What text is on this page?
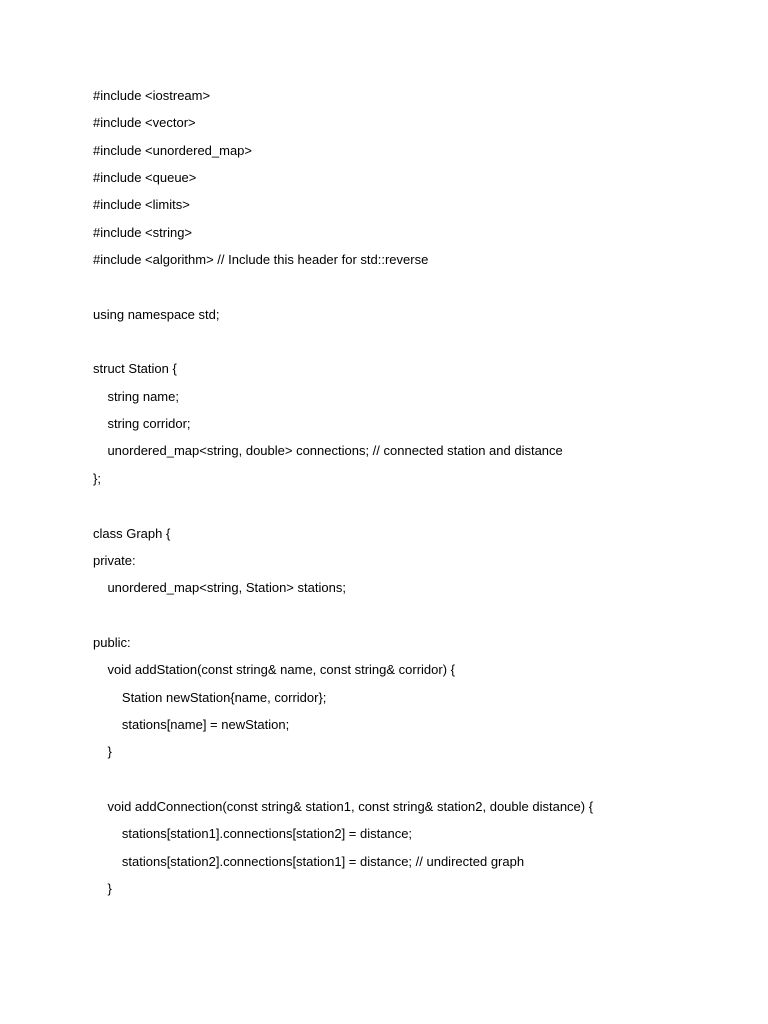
#include <iostream>
#include <vector>
#include <unordered_map>
#include <queue>
#include <limits>
#include <string>
#include <algorithm> // Include this header for std::reverse
using namespace std;
struct Station {
string name;
string corridor;
unordered_map<string, double> connections; // connected station and distance
};
class Graph {
private:
unordered_map<string, Station> stations;
public:
void addStation(const string& name, const string& corridor) {
Station newStation{name, corridor};
stations[name] = newStation;
}
void addConnection(const string& station1, const string& station2, double distance) {
stations[station1].connections[station2] = distance;
stations[station2].connections[station1] = distance; // undirected graph
}
